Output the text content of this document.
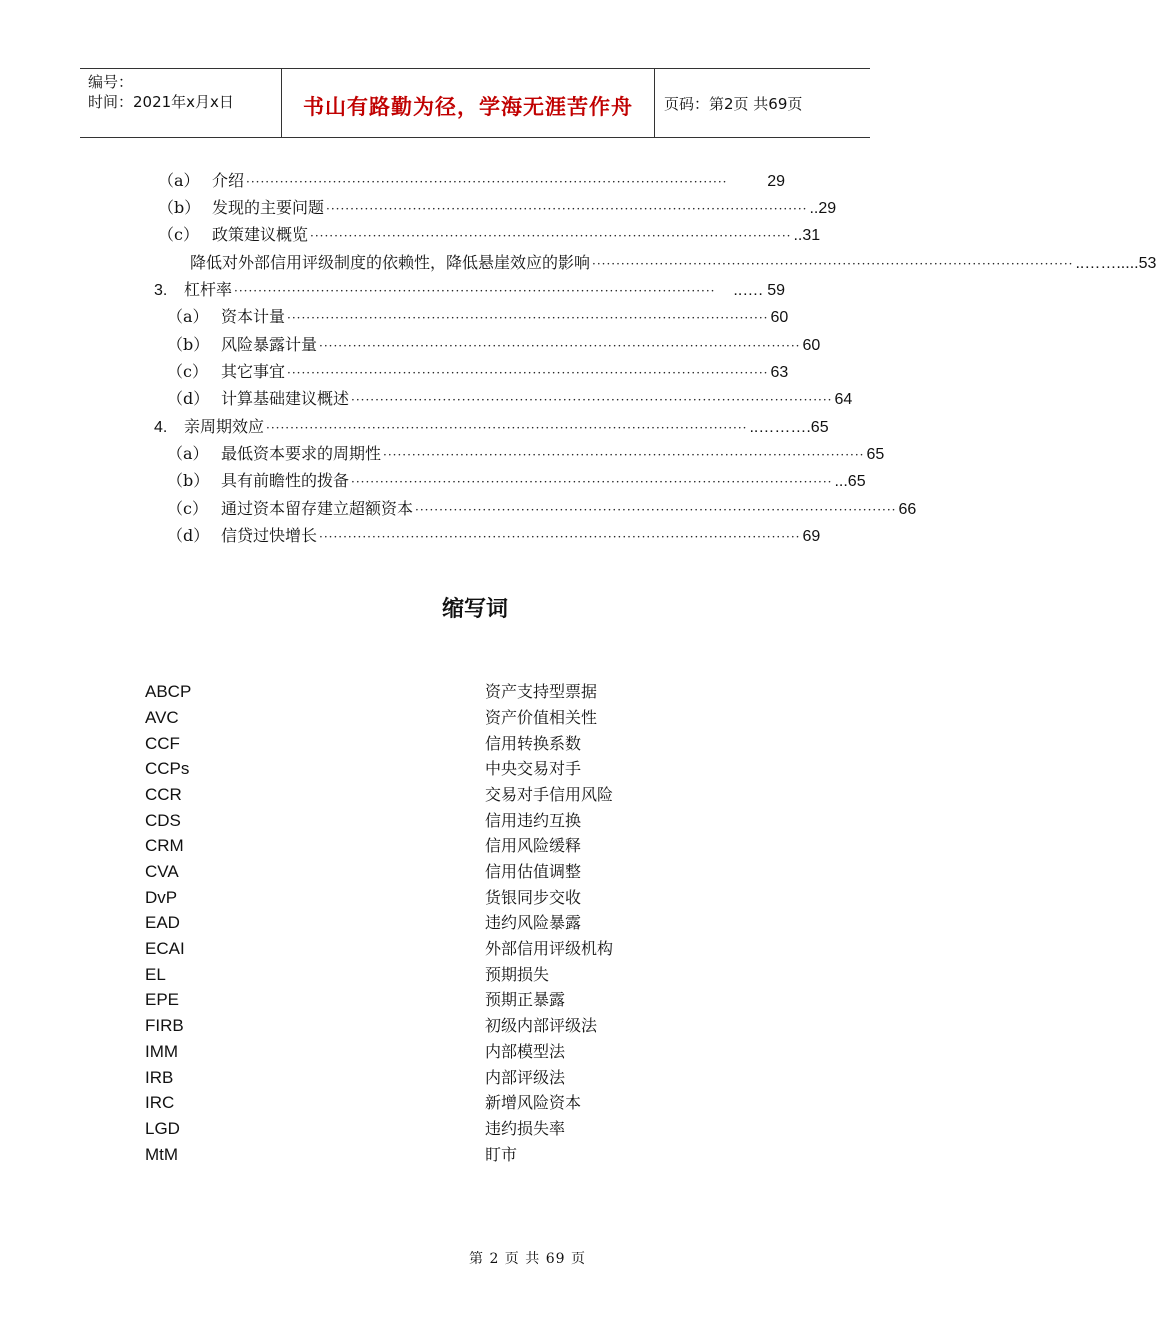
编号：
时间：2021年x月x日	书山有路勤为径，学海无涯苦作舟	页码：第2页 共69页
（a） 介绍 ····································································································	29
（b） 发现的主要问题 ···································································································· ..29
（c） 政策建议概览 ···································································································· ..31
降低对外部信用评级制度的依赖性，降低悬崖效应的影响 ···································································································· ..…….....53
3.	杠杆率 ····································································································	..…. 59
（a） 资本计量 ···································································································· 60
（b） 风险暴露计量 ···································································································· 60
（c） 其它事宜 ···································································································· 63
（d） 计算基础建议概述 ···································································································· 64
4.	亲周期效应 ···································································································· ..……….65
（a） 最低资本要求的周期性 ···································································································· 65
（b） 具有前瞻性的拨备 ···································································································· ...65
（c） 通过资本留存建立超额资本 ···································································································· 66
（d） 信贷过快增长 ···································································································· 69
缩写词
ABCP	资产支持型票据
AVC	资产价值相关性
CCF	信用转换系数
CCPs	中央交易对手
CCR	交易对手信用风险
CDS	信用违约互换
CRM	信用风险缓释
CVA	信用估值调整
DvP	货银同步交收
EAD	违约风险暴露
ECAI	外部信用评级机构
EL	预期损失
EPE	预期正暴露
FIRB	初级内部评级法
IMM	内部模型法
IRB	内部评级法
IRC	新增风险资本
LGD	违约损失率
MtM	盯市
第 2 页 共 69 页
